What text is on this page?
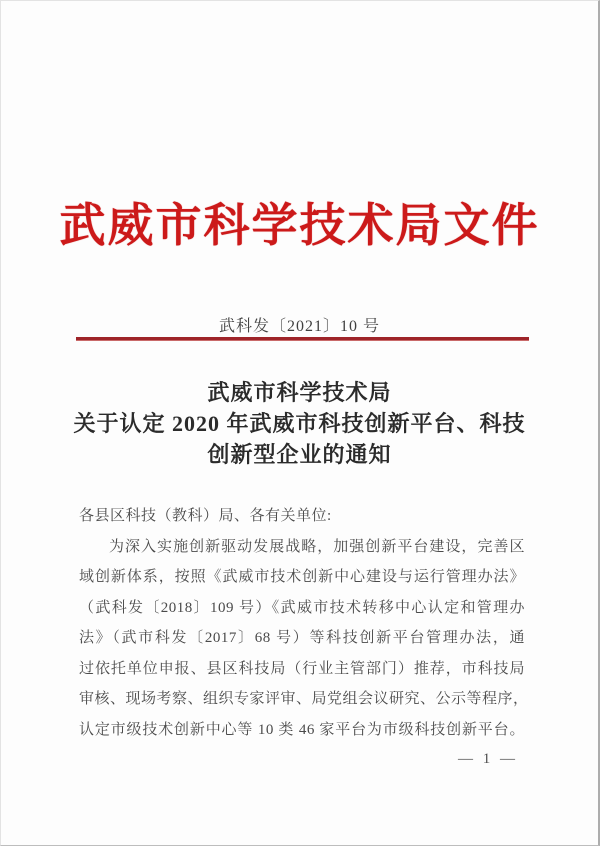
武威市科学技术局文件
武科发〔2021〕10 号
武威市科学技术局
关于认定 2020 年武威市科技创新平台、科技
创新型企业的通知
各县区科技（教科）局、各有关单位:
为深入实施创新驱动发展战略，加强创新平台建设，完善区
域创新体系，按照《武威市技术创新中心建设与运行管理办法》
（武科发〔2018〕109 号）《武威市技术转移中心认定和管理办
法》（武市科发〔2017〕68 号）等科技创新平台管理办法，通
过依托单位申报、县区科技局（行业主管部门）推荐，市科技局
审核、现场考察、组织专家评审、局党组会议研究、公示等程序，
认定市级技术创新中心等 10 类 46 家平台为市级科技创新平台。
— 1 —
